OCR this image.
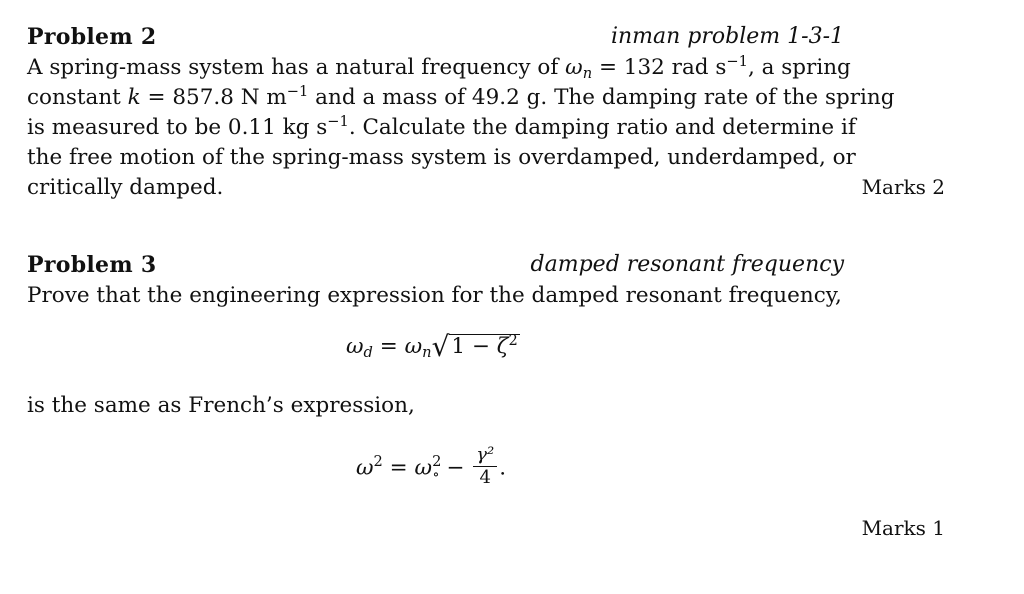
Problem 2	inman problem 1-3-1
A spring-mass system has a natural frequency of $\omega_n = 132$ rad $s^{-1}$, a spring
constant k = 857.8 N $m^{-1}$ and a mass of 49.2 g. The damping rate of the spring
is measured to be 0.11 kg $s^{-1}$. Calculate the damping ratio and determine if
the free motion of the spring-mass system is overdamped, underdamped, or
critically damped.	Marks 2
Problem 3	damped resonant frequency
Prove that the engineering expression for the damped resonant frequency,
$\omega_d = \omega_n√1 - \zeta^2$
is the same as French’s expression,
$\omega^2 = \omega^2_\circ - \frac{\text{γ²}}{4}$ .
Marks 1
